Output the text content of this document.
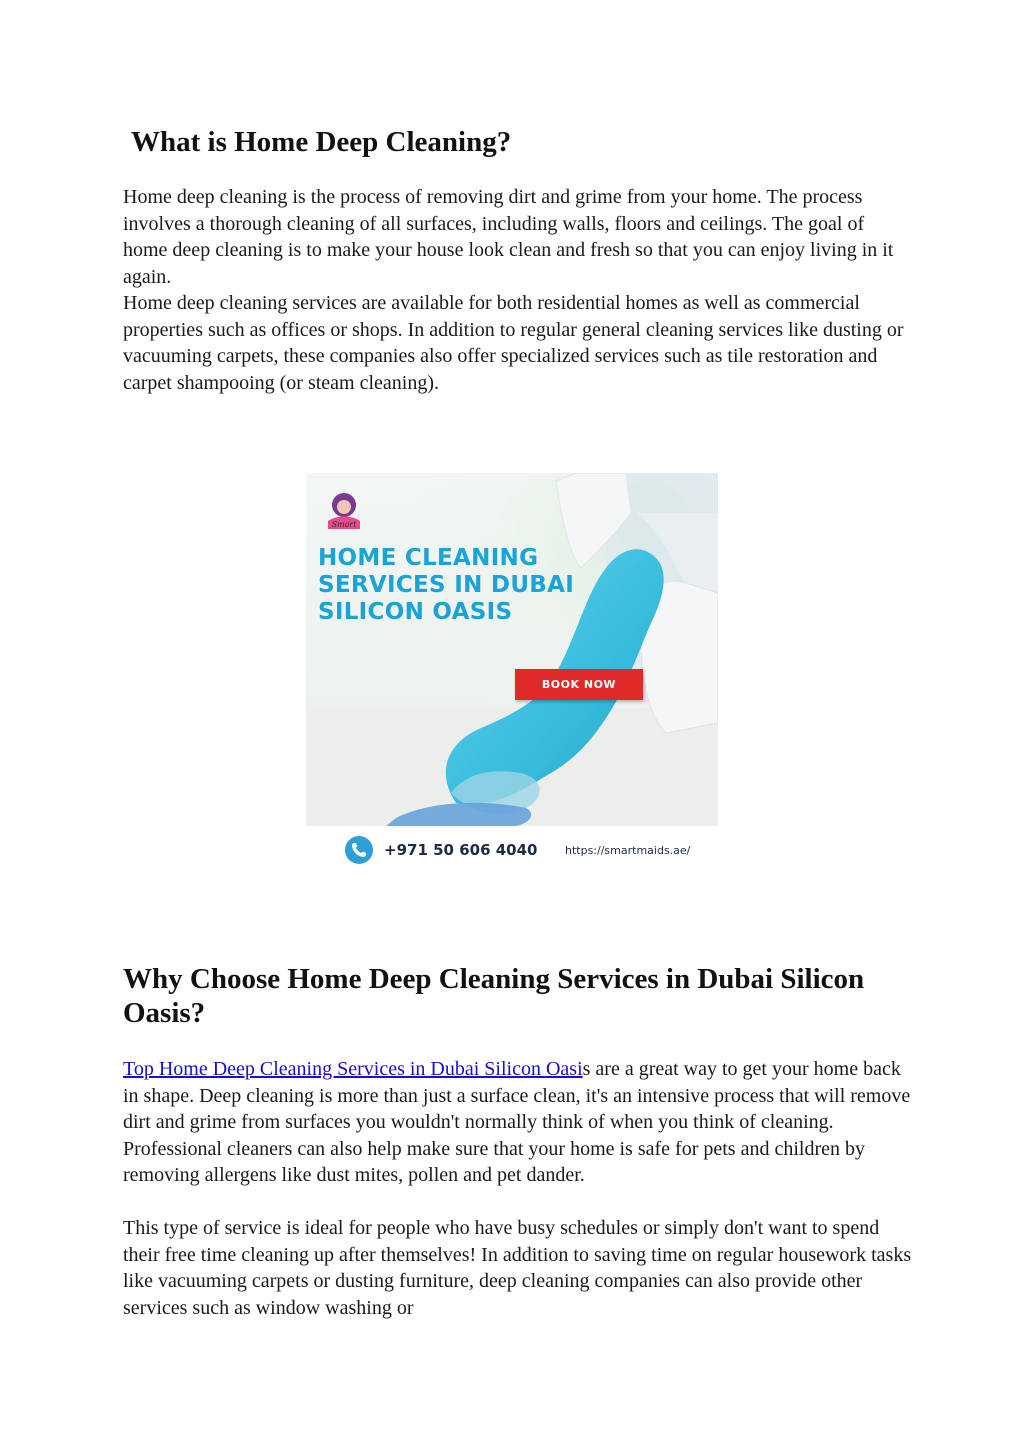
What is Home Deep Cleaning?

Home deep cleaning is the process of removing dirt and grime from your home. The process involves a thorough cleaning of all surfaces, including walls, floors and ceilings. The goal of home deep cleaning is to make your house look clean and fresh so that you can enjoy living in it again.

Home deep cleaning services are available for both residential homes as well as commercial properties such as offices or shops. In addition to regular general cleaning services like dusting or vacuuming carpets, these companies also offer specialized services such as tile restoration and carpet shampooing (or steam cleaning).

Smart
HOME CLEANING SERVICES IN DUBAI SILICON OASIS
BOOK NOW

+971 50 606 4040	https://smartmaids.ae/

Why Choose Home Deep Cleaning Services in Dubai Silicon Oasis?

Top Home Deep Cleaning Services in Dubai Silicon Oasis are a great way to get your home back in shape. Deep cleaning is more than just a surface clean, it's an intensive process that will remove dirt and grime from surfaces you wouldn't normally think of when you think of cleaning. Professional cleaners can also help make sure that your home is safe for pets and children by removing allergens like dust mites, pollen and pet dander.

This type of service is ideal for people who have busy schedules or simply don't want to spend their free time cleaning up after themselves! In addition to saving time on regular housework tasks like vacuuming carpets or dusting furniture, deep cleaning companies can also provide other services such as window washing or
